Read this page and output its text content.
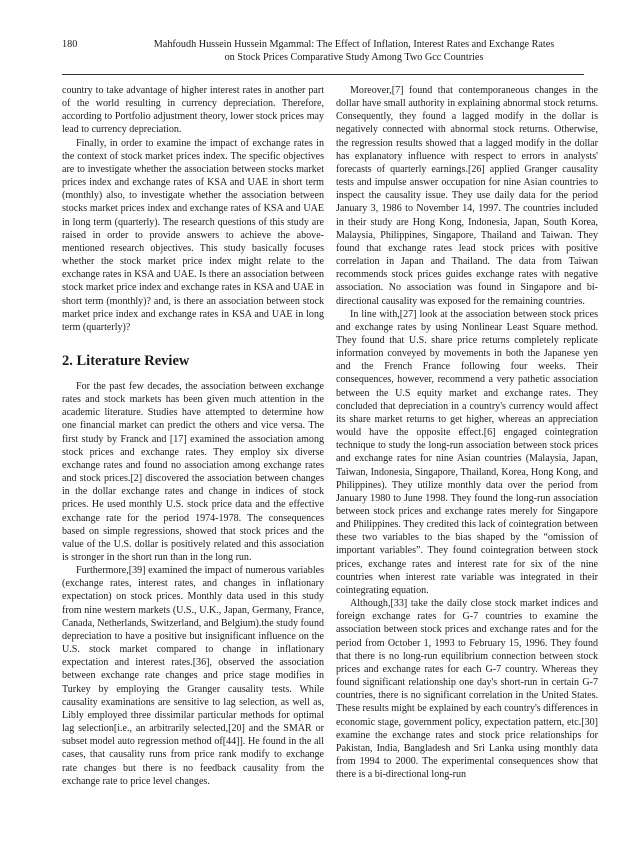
180	Mahfoudh Hussein Hussein Mgammal: The Effect of Inflation, Interest Rates and Exchange Rates
on Stock Prices Comparative Study Among Two Gcc Countries

country to take advantage of higher interest rates in another part of the world resulting in currency depreciation. Therefore, according to Portfolio adjustment theory, lower stock prices may lead to currency depreciation.

Finally, in order to examine the impact of exchange rates in the context of stock market prices index. The specific objectives are to investigate whether the association between stocks market prices index and exchange rates of KSA and UAE in short term (monthly) also, to investigate whether the association between stocks market prices index and exchange rates of KSA and UAE in long term (quarterly). The research questions of this study are raised in order to provide answers to achieve the above-mentioned research objectives. This study basically focuses whether the stock market price index might relate to the exchange rates in KSA and UAE. Is there an association between stock market price index and exchange rates in KSA and UAE in short term (monthly)? and, is there an association between stock market price index and exchange rates in KSA and UAE in long term (quarterly)?

2. Literature Review

For the past few decades, the association between exchange rates and stock markets has been given much attention in the academic literature. Studies have attempted to determine how one financial market can predict the others and vice versa. The first study by Franck and [17] examined the association among stock prices and exchange rates. They employ six diverse exchange rates and found no association among exchange rates and stock prices.[2] discovered the association between changes in the dollar exchange rates and change in indices of stock prices. He used monthly U.S. stock price data and the effective exchange rate for the period 1974-1978. The consequences based on simple regressions, showed that stock prices and the value of the U.S. dollar is positively related and this association is stronger in the short run than in the long run.

Furthermore,[39] examined the impact of numerous variables (exchange rates, interest rates, and changes in inflationary expectation) on stock prices. Monthly data used in this study from nine western markets (U.S., U.K., Japan, Germany, France, Canada, Netherlands, Switzerland, and Belgium).the study found depreciation to have a positive but insignificant influence on the U.S. stock market compared to change in inflationary expectation and interest rates.[36], observed the association between exchange rate changes and price stage modifies in Turkey by employing the Granger causality tests. While causality examinations are sensitive to lag selection, as well as, Libly employed three dissimilar particular methods for optimal lag selection[i.e., an arbitrarily selected,[20] and the SMAR or subset model auto regression method of[44]]. He found in the all cases, that causality runs from price rank modify to exchange rate changes but there is no feedback causality from the exchange rate to price level changes.

Moreover,[7] found that contemporaneous changes in the dollar have small authority in explaining abnormal stock returns. Consequently, they found a lagged modify in the dollar is negatively connected with abnormal stock returns. Otherwise, the regression results showed that a lagged modify in the dollar has explanatory influence with respect to errors in analysts' forecasts of quarterly earnings.[26] applied Granger causality tests and impulse answer occupation for nine Asian countries to inspect the causality issue. They use daily data for the period January 3, 1986 to November 14, 1997. The countries included in their study are Hong Kong, Indonesia, Japan, South Korea, Malaysia, Philippines, Singapore, Thailand and Taiwan. They found that exchange rates lead stock prices with positive correlation in Japan and Thailand. The data from Taiwan recommends stock prices guides exchange rates with negative association. No association was found in Singapore and bi-directional causality was exposed for the remaining countries.

In line with,[27] look at the association between stock prices and exchange rates by using Nonlinear Least Square method. They found that U.S. share price returns completely replicate information conveyed by movements in both the Japanese yen and the French France following four weeks. Their consequences, however, recommend a very pathetic association between the U.S equity market and exchange rates. They concluded that depreciation in a country's currency would affect its share market returns to get higher, whereas an appreciation would have the opposite effect.[6] engaged cointegration technique to study the long-run association between stock prices and exchange rates for nine Asian countries (Malaysia, Japan, Taiwan, Indonesia, Singapore, Thailand, Korea, Hong Kong, and Philippines). They utilize monthly data over the period from January 1980 to June 1998. They found the long-run association between stock prices and exchange rates merely for Singapore and Philippines. They credited this lack of cointegration between these two variables to the bias shaped by the “omission of important variables”. They found cointegration between stock prices, exchange rates and interest rate for six of the nine countries when interest rate variable was integrated in their cointegrating equation.

Although,[33] take the daily close stock market indices and foreign exchange rates for G-7 countries to examine the association between stock prices and exchange rates and for the period from October 1, 1993 to February 15, 1996. They found that there is no long-run equilibrium connection between stock prices and exchange rates for each G-7 country. Whereas they found significant relationship one day's short-run in certain G-7 countries, there is no significant correlation in the United States. These results might be explained by each country's differences in economic stage, government policy, expectation pattern, etc.[30] examine the exchange rates and stock price relationships for Pakistan, India, Bangladesh and Sri Lanka using monthly data from 1994 to 2000. The experimental consequences show that there is a bi-directional long-run
